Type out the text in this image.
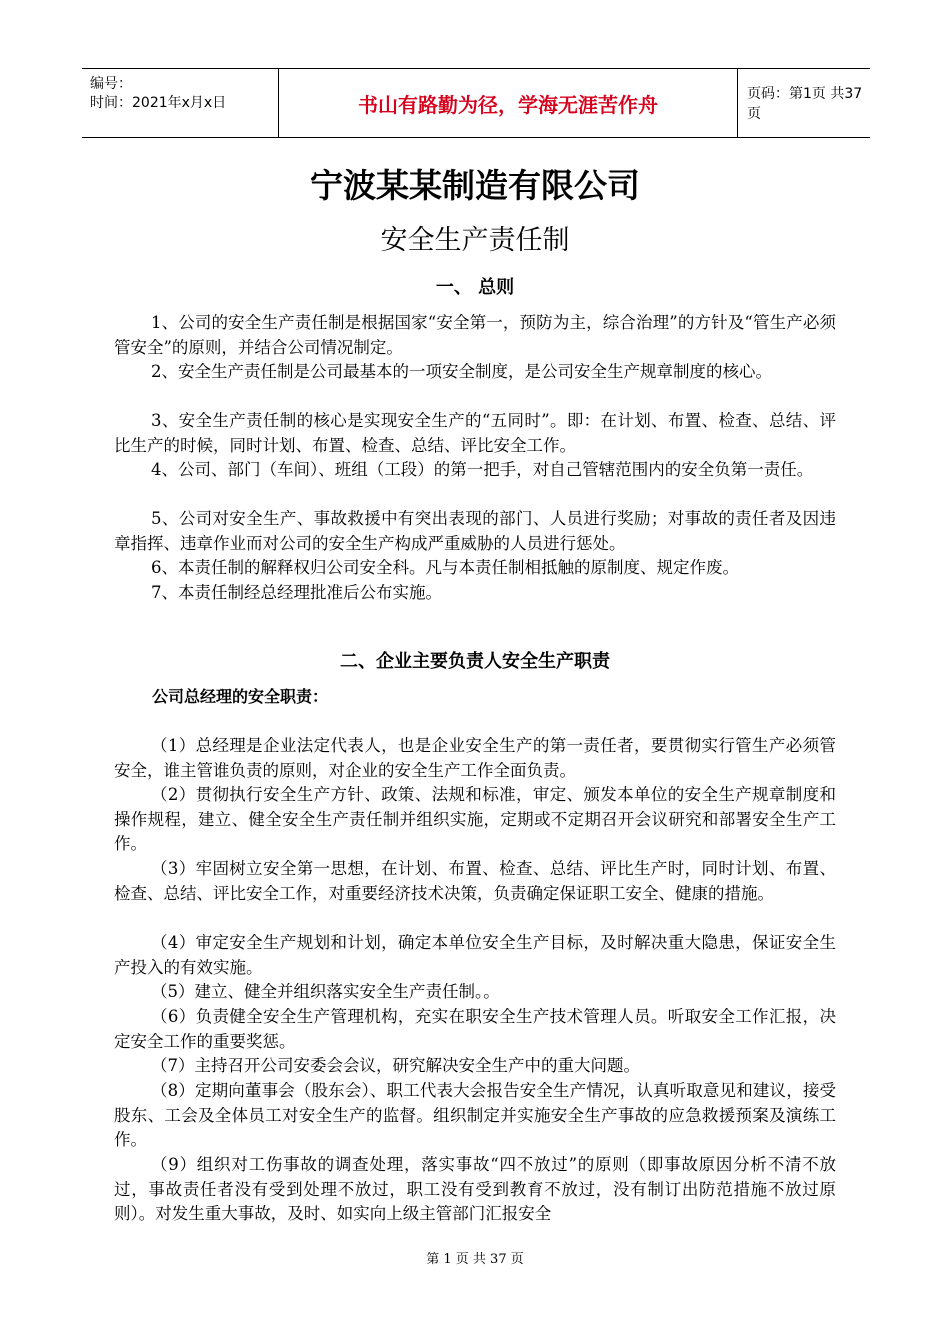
编号：
时间：2021年x月x日	书山有路勤为径，学海无涯苦作舟	页码：第1页 共37页
宁波某某制造有限公司
安全生产责任制
一、 总则

1、公司的安全生产责任制是根据国家“安全第一，预防为主，综合治理”的方针及“管生产必须管安全”的原则，并结合公司情况制定。

2、安全生产责任制是公司最基本的一项安全制度，是公司安全生产规章制度的核心。

3、安全生产责任制的核心是实现安全生产的“五同时”。即：在计划、布置、检查、总结、评比生产的时候，同时计划、布置、检查、总结、评比安全工作。

4、公司、部门（车间）、班组（工段）的第一把手，对自己管辖范围内的安全负第一责任。

5、公司对安全生产、事故救援中有突出表现的部门、人员进行奖励；对事故的责任者及因违章指挥、违章作业而对公司的安全生产构成严重威胁的人员进行惩处。

6、本责任制的解释权归公司安全科。凡与本责任制相抵触的原制度、规定作废。

7、本责任制经总经理批准后公布实施。

二、企业主要负责人安全生产职责
公司总经理的安全职责：

（1）总经理是企业法定代表人，也是企业安全生产的第一责任者，要贯彻实行管生产必须管安全，谁主管谁负责的原则，对企业的安全生产工作全面负责。

（2）贯彻执行安全生产方针、政策、法规和标准，审定、颁发本单位的安全生产规章制度和操作规程，建立、健全安全生产责任制并组织实施，定期或不定期召开会议研究和部署安全生产工作。

（3）牢固树立安全第一思想，在计划、布置、检查、总结、评比生产时，同时计划、布置、检查、总结、评比安全工作，对重要经济技术决策，负责确定保证职工安全、健康的措施。

（4）审定安全生产规划和计划，确定本单位安全生产目标，及时解决重大隐患，保证安全生产投入的有效实施。

（5）建立、健全并组织落实安全生产责任制。。

（6）负责健全安全生产管理机构，充实在职安全生产技术管理人员。听取安全工作汇报，决定安全工作的重要奖惩。

（7）主持召开公司安委会会议，研究解决安全生产中的重大问题。

（8）定期向董事会（股东会）、职工代表大会报告安全生产情况，认真听取意见和建议，接受股东、工会及全体员工对安全生产的监督。组织制定并实施安全生产事故的应急救援预案及演练工作。

（9）组织对工伤事故的调查处理，落实事故“四不放过”的原则（即事故原因分析不清不放过，事故责任者没有受到处理不放过，职工没有受到教育不放过，没有制订出防范措施不放过原则）。对发生重大事故，及时、如实向上级主管部门汇报安全

第 1 页 共 37 页
